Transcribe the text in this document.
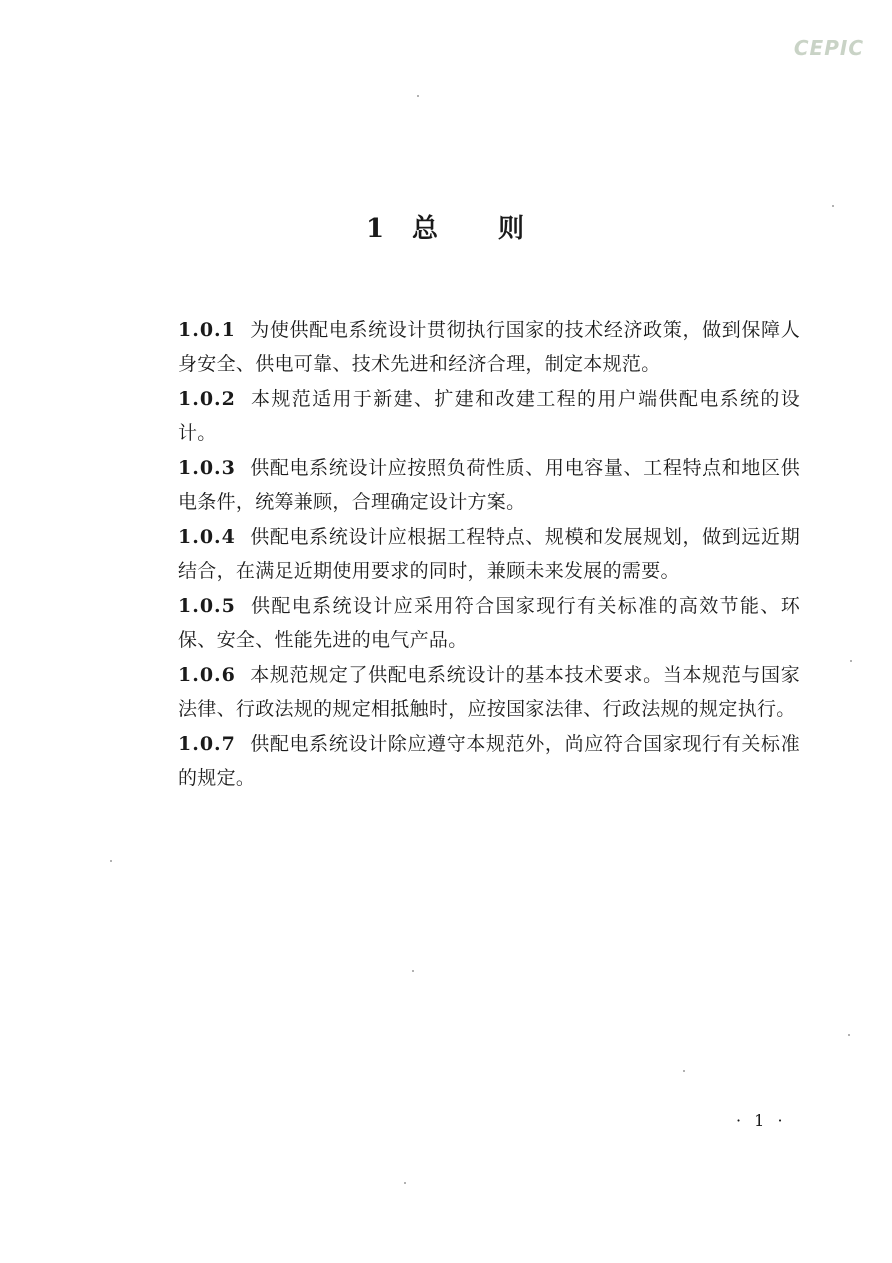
CEPIC
1 总 则

1.0.1 为使供配电系统设计贯彻执行国家的技术经济政策，做到保障人身安全、供电可靠、技术先进和经济合理，制定本规范。

1.0.2 本规范适用于新建、扩建和改建工程的用户端供配电系统的设计。

1.0.3 供配电系统设计应按照负荷性质、用电容量、工程特点和地区供电条件，统筹兼顾，合理确定设计方案。

1.0.4 供配电系统设计应根据工程特点、规模和发展规划，做到远近期结合，在满足近期使用要求的同时，兼顾未来发展的需要。

1.0.5 供配电系统设计应采用符合国家现行有关标准的高效节能、环保、安全、性能先进的电气产品。

1.0.6 本规范规定了供配电系统设计的基本技术要求。当本规范与国家法律、行政法规的规定相抵触时，应按国家法律、行政法规的规定执行。

1.0.7 供配电系统设计除应遵守本规范外，尚应符合国家现行有关标准的规定。

· 1 ·
